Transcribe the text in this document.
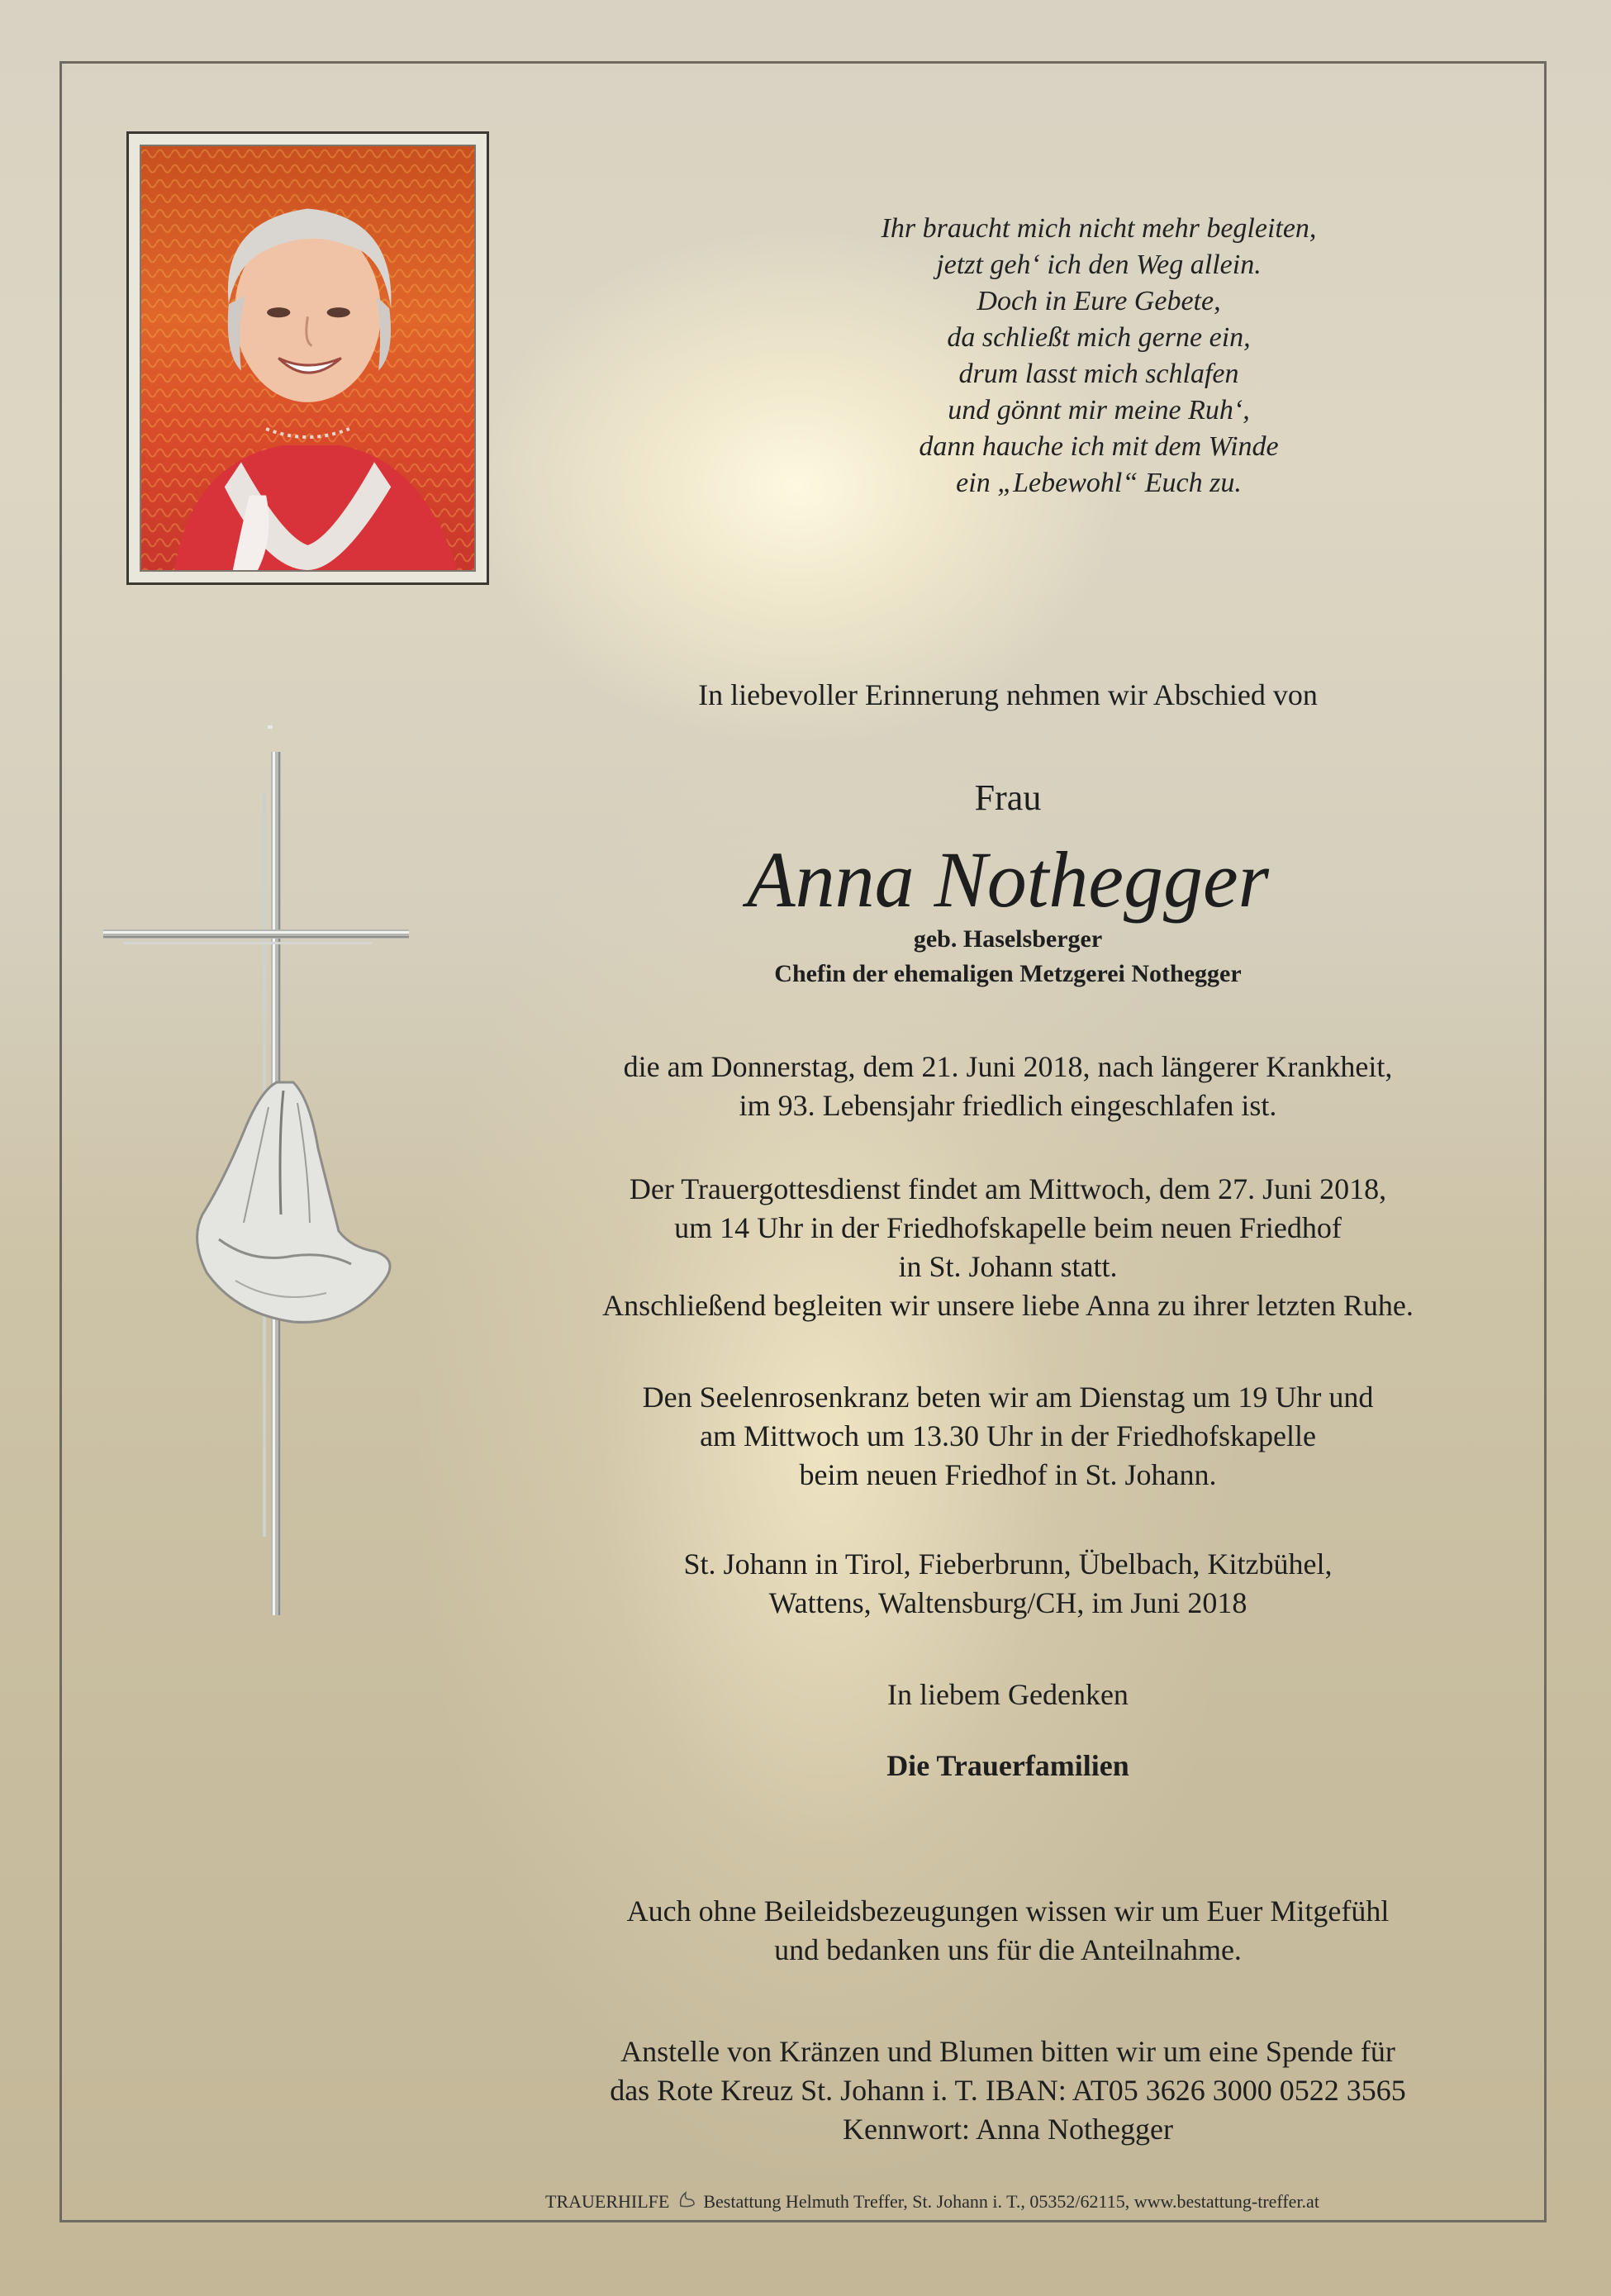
Ihr braucht mich nicht mehr begleiten,
jetzt geh‘ ich den Weg allein.
Doch in Eure Gebete,
da schließt mich gerne ein,
drum lasst mich schlafen
und gönnt mir meine Ruh‘,
dann hauche ich mit dem Winde
ein „Lebewohl“ Euch zu.
In liebevoller Erinnerung nehmen wir Abschied von
Frau
Anna Nothegger
geb. Haselsberger
Chefin der ehemaligen Metzgerei Nothegger
die am Donnerstag, dem 21. Juni 2018, nach längerer Krankheit,
im 93. Lebensjahr friedlich eingeschlafen ist.
Der Trauergottesdienst findet am Mittwoch, dem 27. Juni 2018,
um 14 Uhr in der Friedhofskapelle beim neuen Friedhof
in St. Johann statt.
Anschließend begleiten wir unsere liebe Anna zu ihrer letzten Ruhe.
Den Seelenrosenkranz beten wir am Dienstag um 19 Uhr und
am Mittwoch um 13.30 Uhr in der Friedhofskapelle
beim neuen Friedhof in St. Johann.
St. Johann in Tirol, Fieberbrunn, Übelbach, Kitzbühel,
Wattens, Waltensburg/CH, im Juni 2018
In liebem Gedenken
Die Trauerfamilien
Auch ohne Beileidsbezeugungen wissen wir um Euer Mitgefühl
und bedanken uns für die Anteilnahme.
Anstelle von Kränzen und Blumen bitten wir um eine Spende für
das Rote Kreuz St. Johann i. T. IBAN: AT05 3626 3000 0522 3565
Kennwort: Anna Nothegger
TRAUERHILFE Bestattung Helmuth Treffer, St. Johann i. T., 05352/62115, www.bestattung-treffer.at
